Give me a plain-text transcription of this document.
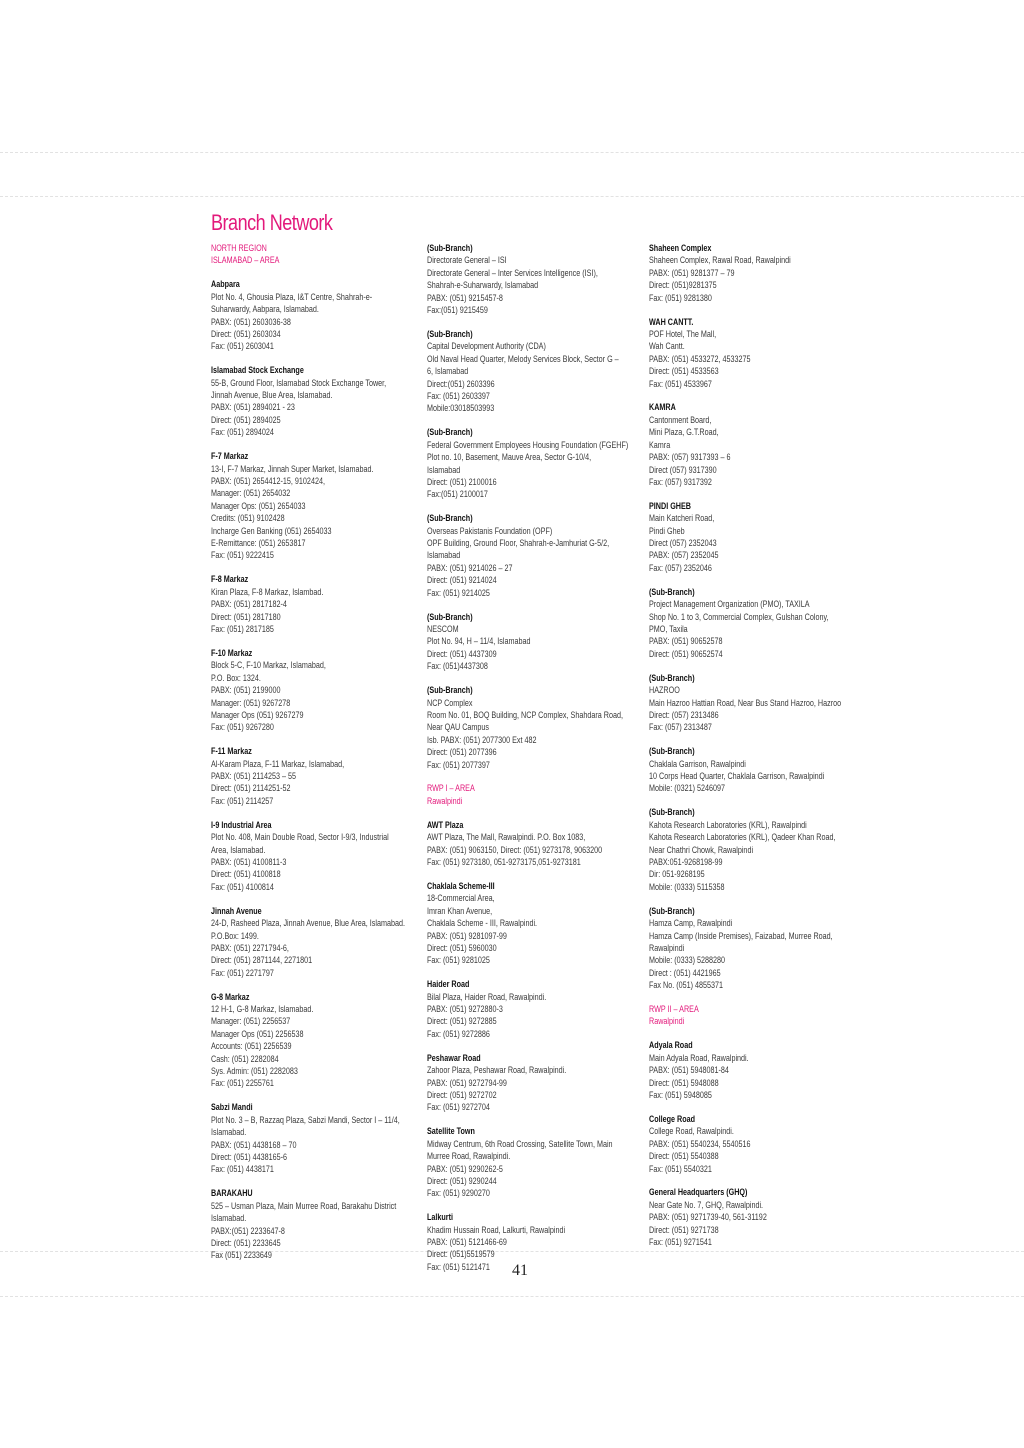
Branch Network
NORTH REGION
ISLAMABAD – AREA
Aabpara
Plot No. 4, Ghousia Plaza, I&T Centre, Shahrah-e-
Suharwardy, Aabpara, Islamabad.
PABX: (051) 2603036-38
Direct: (051) 2603034
Fax: (051) 2603041
Islamabad Stock Exchange
55-B, Ground Floor, Islamabad Stock Exchange Tower,
Jinnah Avenue, Blue Area, Islamabad.
PABX: (051) 2894021 - 23
Direct: (051) 2894025
Fax: (051) 2894024
F-7 Markaz
13-I, F-7 Markaz, Jinnah Super Market, Islamabad.
PABX: (051) 2654412-15, 9102424,
Manager: (051) 2654032
Manager Ops: (051) 2654033
Credits: (051) 9102428
Incharge Gen Banking (051) 2654033
E-Remittance: (051) 2653817
Fax: (051) 9222415
F-8 Markaz
Kiran Plaza, F-8 Markaz, Islambad.
PABX: (051) 2817182-4
Direct: (051) 2817180
Fax: (051) 2817185
F-10 Markaz
Block 5-C, F-10 Markaz, Islamabad,
P.O. Box: 1324.
PABX: (051) 2199000
Manager: (051) 9267278
Manager Ops (051) 9267279
Fax: (051) 9267280
F-11 Markaz
Al-Karam Plaza, F-11 Markaz, Islamabad,
PABX: (051) 2114253 – 55
Direct: (051) 2114251-52
Fax: (051) 2114257
I-9 Industrial Area
Plot No. 408, Main Double Road, Sector I-9/3, Industrial
Area, Islamabad.
PABX: (051) 4100811-3
Direct: (051) 4100818
Fax: (051) 4100814
Jinnah Avenue
24-D, Rasheed Plaza, Jinnah Avenue, Blue Area, Islamabad.
P.O.Box: 1499.
PABX: (051) 2271794-6,
Direct: (051) 2871144, 2271801
Fax: (051) 2271797
G-8 Markaz
12 H-1, G-8 Markaz, Islamabad.
Manager: (051) 2256537
Manager Ops (051) 2256538
Accounts: (051) 2256539
Cash: (051) 2282084
Sys. Admin: (051) 2282083
Fax: (051) 2255761
Sabzi Mandi
Plot No. 3 – B, Razzaq Plaza, Sabzi Mandi, Sector I – 11/4,
Islamabad.
PABX: (051) 4438168 – 70
Direct: (051) 4438165-6
Fax: (051) 4438171
BARAKAHU
525 – Usman Plaza, Main Murree Road, Barakahu District
Islamabad.
PABX:(051) 2233647-8
Direct: (051) 2233645
Fax (051) 2233649
(Sub-Branch)
Directorate General – ISI
Directorate General – Inter Services Intelligence (ISI),
Shahrah-e-Suharwardy, Islamabad
PABX: (051) 9215457-8
Fax:(051) 9215459
(Sub-Branch)
Capital Development Authority (CDA)
Old Naval Head Quarter, Melody Services Block, Sector G –
6, Islamabad
Direct:(051) 2603396
Fax: (051) 2603397
Mobile:03018503993
(Sub-Branch)
Federal Government Employees Housing Foundation (FGEHF)
Plot no. 10, Basement, Mauve Area, Sector G-10/4,
Islamabad
Direct: (051) 2100016
Fax:(051) 2100017
(Sub-Branch)
Overseas Pakistanis Foundation (OPF)
OPF Building, Ground Floor, Shahrah-e-Jamhuriat G-5/2,
Islamabad
PABX: (051) 9214026 – 27
Direct: (051) 9214024
Fax: (051) 9214025
(Sub-Branch)
NESCOM
Plot No. 94, H – 11/4, Islamabad
Direct: (051) 4437309
Fax: (051)4437308
(Sub-Branch)
NCP Complex
Room No. 01, BOQ Building, NCP Complex, Shahdara Road,
Near QAU Campus
Isb. PABX: (051) 2077300 Ext 482
Direct: (051) 2077396
Fax: (051) 2077397
RWP I – AREA
Rawalpindi
AWT Plaza
AWT Plaza, The Mall, Rawalpindi. P.O. Box 1083,
PABX: (051) 9063150, Direct: (051) 9273178, 9063200
Fax: (051) 9273180, 051-9273175,051-9273181
Chaklala Scheme-III
18-Commercial Area,
Imran Khan Avenue,
Chaklala Scheme - III, Rawalpindi.
PABX: (051) 9281097-99
Direct: (051) 5960030
Fax: (051) 9281025
Haider Road
Bilal Plaza, Haider Road, Rawalpindi.
PABX: (051) 9272880-3
Direct: (051) 9272885
Fax: (051) 9272886
Peshawar Road
Zahoor Plaza, Peshawar Road, Rawalpindi.
PABX: (051) 9272794-99
Direct: (051) 9272702
Fax: (051) 9272704
Satellite Town
Midway Centrum, 6th Road Crossing, Satellite Town, Main
Murree Road, Rawalpindi.
PABX: (051) 9290262-5
Direct: (051) 9290244
Fax: (051) 9290270
Lalkurti
Khadim Hussain Road, Lalkurti, Rawalpindi
PABX: (051) 5121466-69
Direct: (051)5519579
Fax: (051) 5121471
Shaheen Complex
Shaheen Complex, Rawal Road, Rawalpindi
PABX: (051) 9281377 – 79
Direct: (051)9281375
Fax: (051) 9281380
WAH CANTT.
POF Hotel, The Mall,
Wah Cantt.
PABX: (051) 4533272, 4533275
Direct: (051) 4533563
Fax: (051) 4533967
KAMRA
Cantonment Board,
Mini Plaza, G.T.Road,
Kamra
PABX: (057) 9317393 – 6
Direct (057) 9317390
Fax: (057) 9317392
PINDI GHEB
Main Katcheri Road,
Pindi Gheb
Direct (057) 2352043
PABX: (057) 2352045
Fax: (057) 2352046
(Sub-Branch)
Project Management Organization (PMO), TAXILA
Shop No. 1 to 3, Commercial Complex, Gulshan Colony,
PMO, Taxila
PABX: (051) 90652578
Direct: (051) 90652574
(Sub-Branch)
HAZROO
Main Hazroo Hattian Road, Near Bus Stand Hazroo, Hazroo
Direct: (057) 2313486
Fax: (057) 2313487
(Sub-Branch)
Chaklala Garrison, Rawalpindi
10 Corps Head Quarter, Chaklala Garrison, Rawalpindi
Mobile: (0321) 5246097
(Sub-Branch)
Kahota Research Laboratories (KRL), Rawalpindi
Kahota Research Laboratories (KRL), Qadeer Khan Road,
Near Chathri Chowk, Rawalpindi
PABX:051-9268198-99
Dir: 051-9268195
Mobile: (0333) 5115358
(Sub-Branch)
Hamza Camp, Rawalpindi
Hamza Camp (Inside Premises), Faizabad, Murree Road,
Rawalpindi
Mobile: (0333) 5288280
Direct : (051) 4421965
Fax No. (051) 4855371
RWP II – AREA
Rawalpindi
Adyala Road
Main Adyala Road, Rawalpindi.
PABX: (051) 5948081-84
Direct: (051) 5948088
Fax: (051) 5948085
College Road
College Road, Rawalpindi.
PABX: (051) 5540234, 5540516
Direct: (051) 5540388
Fax: (051) 5540321
General Headquarters (GHQ)
Near Gate No. 7, GHQ, Rawalpindi.
PABX: (051) 9271739-40, 561-31192
Direct: (051) 9271738
Fax: (051) 9271541
41
